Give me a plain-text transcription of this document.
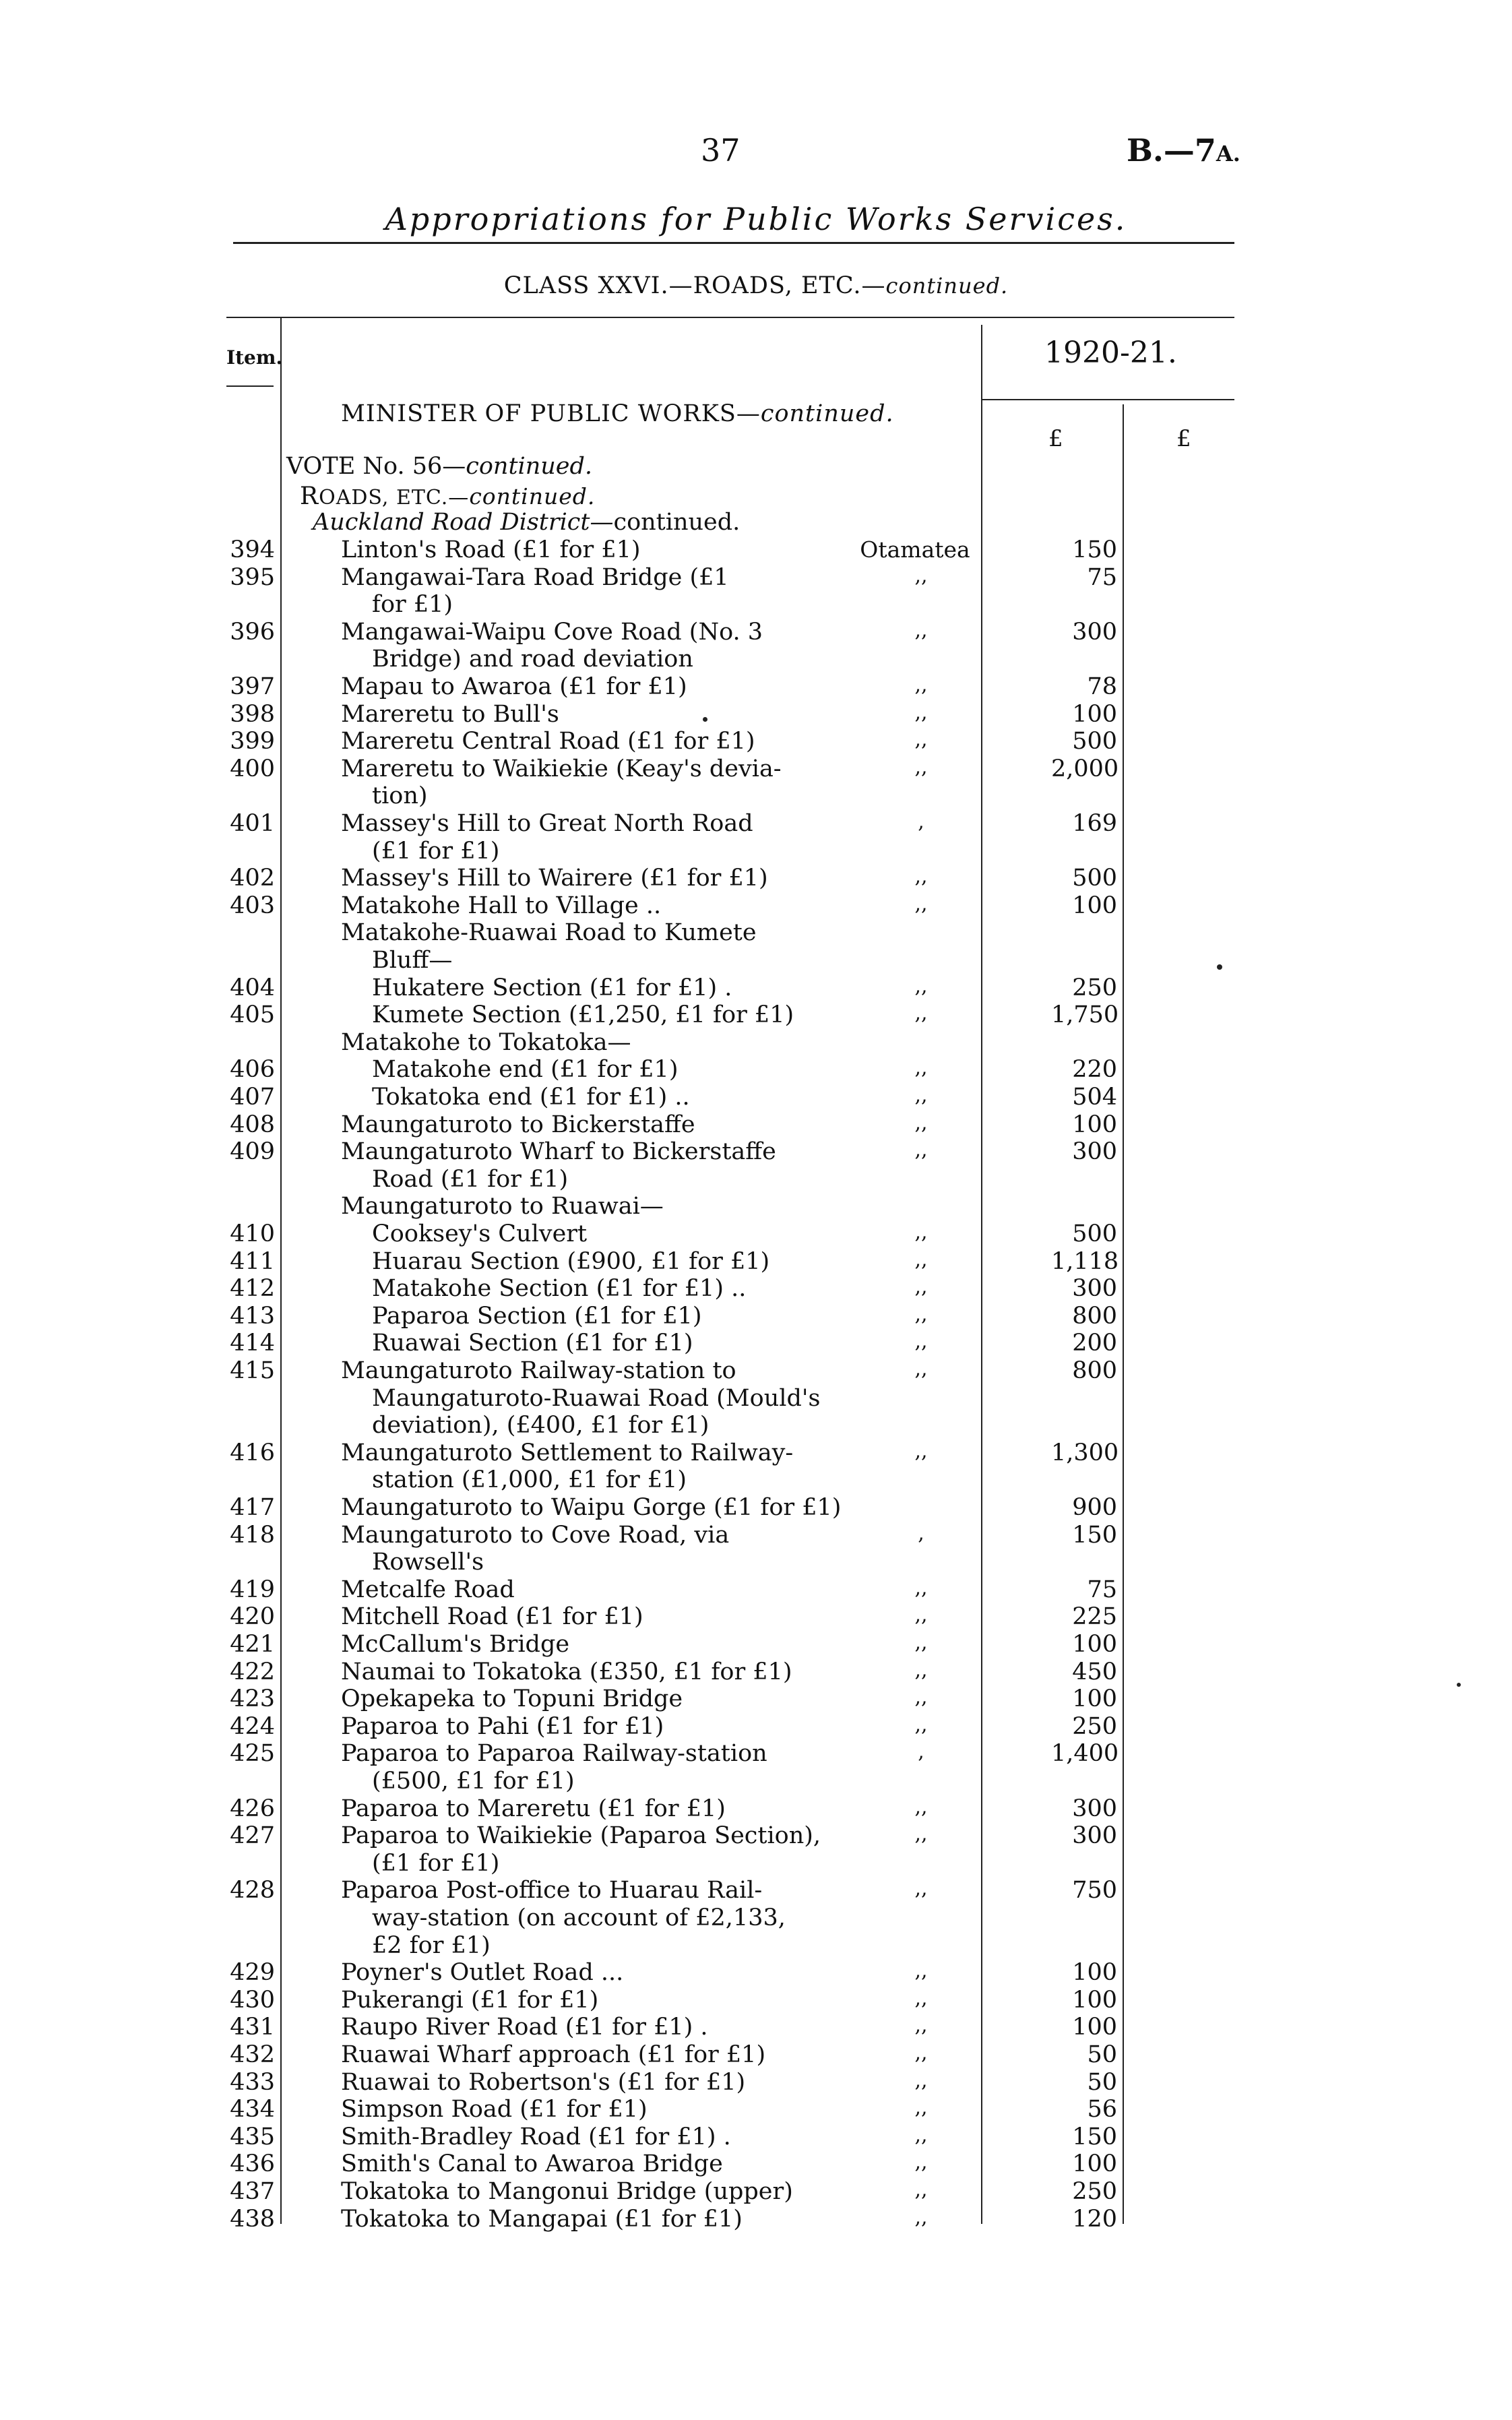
37	B.—7A.
Appropriations for Public Works Services.
CLASS XXVI.—ROADS, ETC.—continued.
Item.	1920-21.
£	£
MINISTER OF PUBLIC WORKS—continued.
VOTE No. 56—continued.
ROADS, ETC.—continued.
Auckland Road District—continued.
394	Linton's Road (£1 for £1)	Otamatea	150
395	Mangawai-Tara Road Bridge (£1
for £1)
,,	75
396	Mangawai-Waipu Cove Road (No. 3
Bridge) and road deviation
,,	300
397	Mapau to Awaroa (£1 for £1)	,,	78
398	Mareretu to Bull's	,,	100
399	Mareretu Central Road (£1 for £1)	,,	500
400	Mareretu to Waikiekie (Keay's devia-
tion)
,,	2,000
401	Massey's Hill to Great North Road
(£1 for £1)
,	169
402	Massey's Hill to Wairere (£1 for £1)	,,	500
403	Matakohe Hall to Village ..	,,	100
Matakohe-Ruawai Road to Kumete
Bluff—
404	Hukatere Section (£1 for £1) .	,,	250
405	Kumete Section (£1,250, £1 for £1)	,,	1,750
Matakohe to Tokatoka—
406	Matakohe end (£1 for £1)	,,	220
407	Tokatoka end (£1 for £1) ..	,,	504
408	Maungaturoto to Bickerstaffe	,,	100
409	Maungaturoto Wharf to Bickerstaffe
Road (£1 for £1)
,,	300
Maungaturoto to Ruawai—
410	Cooksey's Culvert	,,	500
411	Huarau Section (£900, £1 for £1)	,,	1,118
412	Matakohe Section (£1 for £1) ..	,,	300
413	Paparoa Section (£1 for £1)	,,	800
414	Ruawai Section (£1 for £1)	,,	200
415	Maungaturoto Railway-station to
Maungaturoto-Ruawai Road (Mould's
deviation), (£400, £1 for £1)
,,	800
416	Maungaturoto Settlement to Railway-
station (£1,000, £1 for £1)
,,	1,300
417	Maungaturoto to Waipu Gorge (£1 for £1)	900
418	Maungaturoto to Cove Road, via
Rowsell's
,	150
419	Metcalfe Road	,,	75
420	Mitchell Road (£1 for £1)	,,	225
421	McCallum's Bridge	,,	100
422	Naumai to Tokatoka (£350, £1 for £1)	,,	450
423	Opekapeka to Topuni Bridge	,,	100
424	Paparoa to Pahi (£1 for £1)	,,	250
425	Paparoa to Paparoa Railway-station
(£500, £1 for £1)
,	1,400
426	Paparoa to Mareretu (£1 for £1)	,,	300
427	Paparoa to Waikiekie (Paparoa Section),
(£1 for £1)
,,	300
428	Paparoa Post-office to Huarau Rail-
way-station (on account of £2,133,
£2 for £1)
,,	750
429	Poyner's Outlet Road ...	,,	100
430	Pukerangi (£1 for £1)	,,	100
431	Raupo River Road (£1 for £1) .	,,	100
432	Ruawai Wharf approach (£1 for £1)	,,	50
433	Ruawai to Robertson's (£1 for £1)	,,	50
434	Simpson Road (£1 for £1)	,,	56
435	Smith-Bradley Road (£1 for £1) .	,,	150
436	Smith's Canal to Awaroa Bridge	,,	100
437	Tokatoka to Mangonui Bridge (upper)	,,	250
438	Tokatoka to Mangapai (£1 for £1)	,,	120
